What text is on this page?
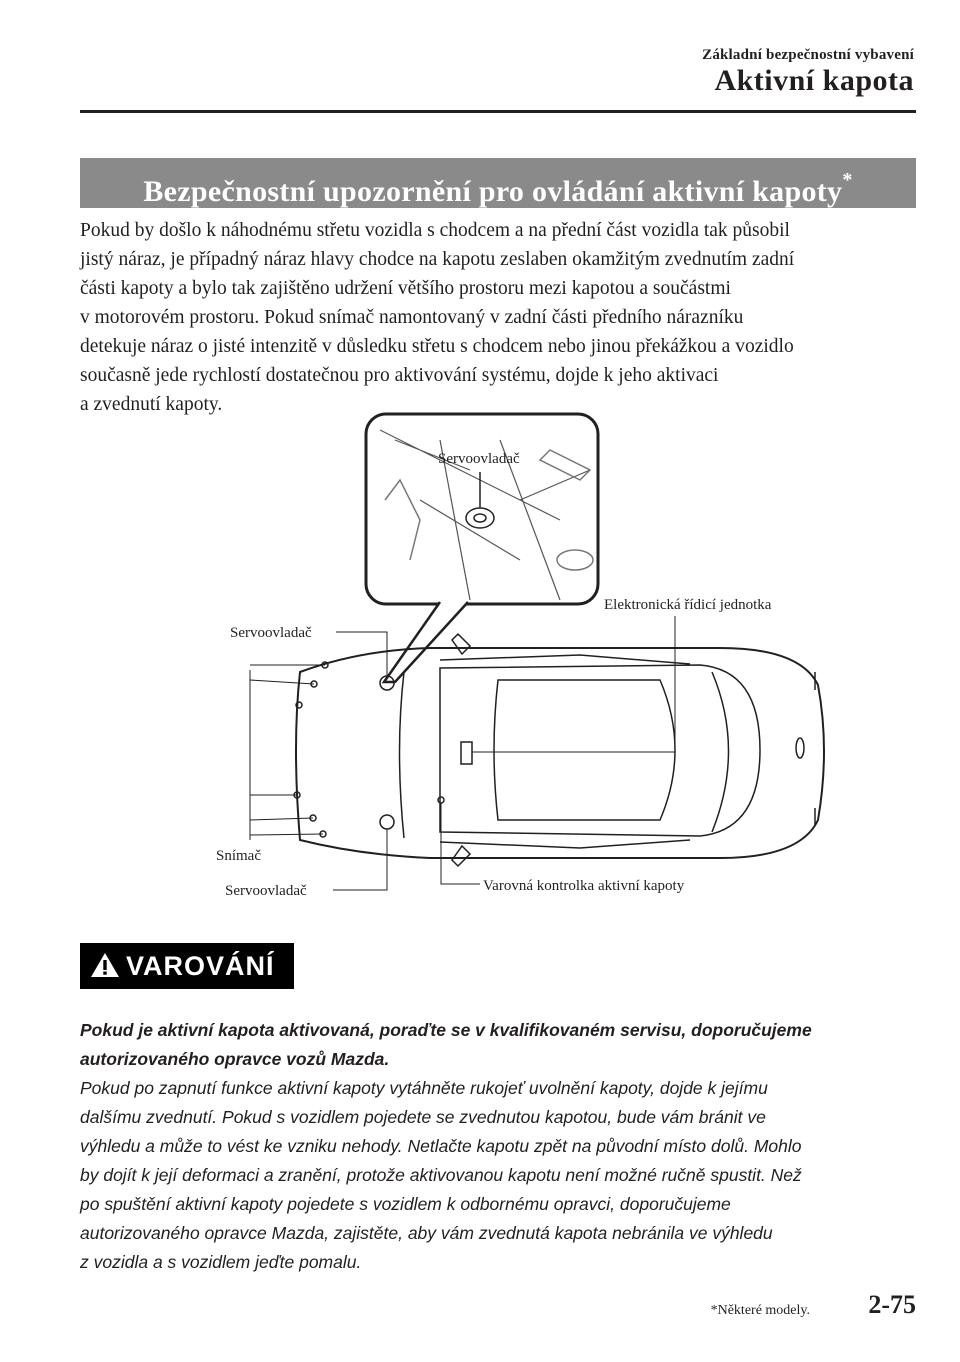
Základní bezpečnostní vybavení
Aktivní kapota
Bezpečnostní upozornění pro ovládání aktivní kapoty*
Pokud by došlo k náhodnému střetu vozidla s chodcem a na přední část vozidla tak působil
jistý náraz, je případný náraz hlavy chodce na kapotu zeslaben okamžitým zvednutím zadní
části kapoty a bylo tak zajištěno udržení většího prostoru mezi kapotou a součástmi
v motorovém prostoru. Pokud snímač namontovaný v zadní části předního nárazníku
detekuje náraz o jisté intenzitě v důsledku střetu s chodcem nebo jinou překážkou a vozidlo
současně jede rychlostí dostatečnou pro aktivování systému, dojde k jeho aktivaci
a zvednutí kapoty.
Servoovladač
Elektronická řídicí jednotka
Servoovladač
Snímač
Servoovladač	Varovná kontrolka aktivní kapoty
VAROVÁNÍ
Pokud je aktivní kapota aktivovaná, poraďte se v kvalifikovaném servisu, doporučujeme
autorizovaného opravce vozů Mazda.
Pokud po zapnutí funkce aktivní kapoty vytáhněte rukojeť uvolnění kapoty, dojde k jejímu
dalšímu zvednutí. Pokud s vozidlem pojedete se zvednutou kapotou, bude vám bránit ve
výhledu a může to vést ke vzniku nehody. Netlačte kapotu zpět na původní místo dolů. Mohlo
by dojít k její deformaci a zranění, protože aktivovanou kapotu není možné ručně spustit. Než
po spuštění aktivní kapoty pojedete s vozidlem k odbornému opravci, doporučujeme
autorizovaného opravce Mazda, zajistěte, aby vám zvednutá kapota nebránila ve výhledu
z vozidla a s vozidlem jeďte pomalu.
*Některé modely. 2-75
